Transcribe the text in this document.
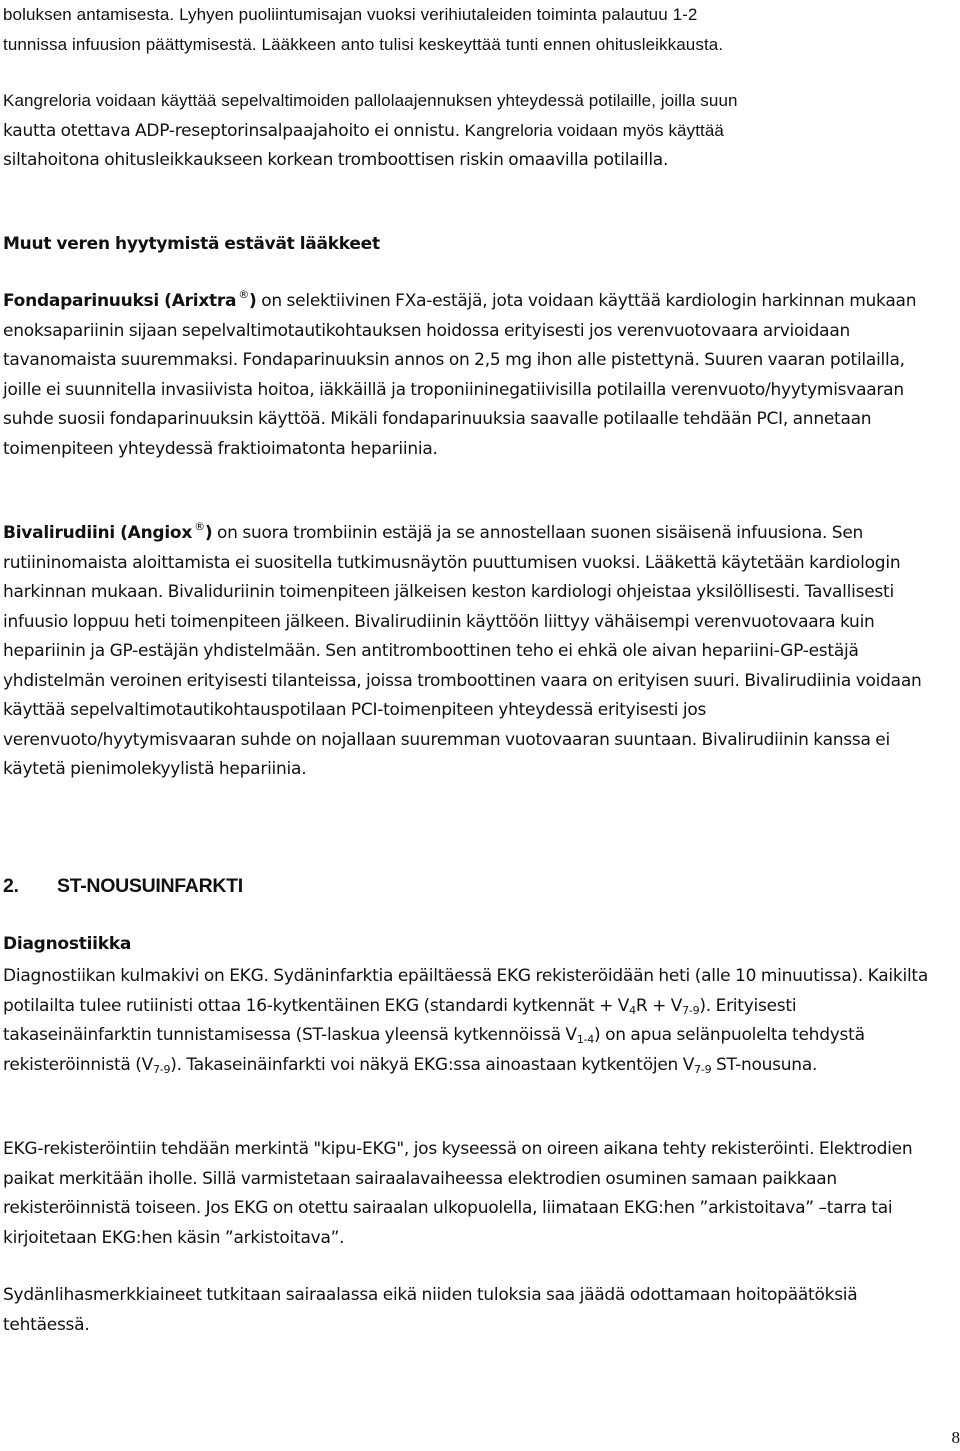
boluksen antamisesta. Lyhyen puoliintumisajan vuoksi verihiutaleiden toiminta palautuu 1-2

tunnissa infuusion päättymisestä. Lääkkeen anto tulisi keskeyttää tunti ennen ohitusleikkausta.

Kangreloria voidaan käyttää sepelvaltimoiden pallolaajennuksen yhteydessä potilaille, joilla suun

kautta otettava ADP-reseptorinsalpaajahoito ei onnistu. Kangreloria voidaan myös käyttää

siltahoitona ohitusleikkaukseen korkean tromboottisen riskin omaavilla potilailla.

Muut veren hyytymistä estävät lääkkeet

Fondaparinuuksi (Arixtra ®) on selektiivinen FXa-estäjä, jota voidaan käyttää kardiologin harkinnan mukaan enoksapariinin sijaan sepelvaltimotautikohtauksen hoidossa erityisesti jos verenvuotovaara arvioidaan tavanomaista suuremmaksi. Fondaparinuuksin annos on 2,5 mg ihon alle pistettynä. Suuren vaaran potilailla, joille ei suunnitella invasiivista hoitoa, iäkkäillä ja troponiininegatiivisilla potilailla verenvuoto/hyytymisvaaran suhde suosii fondaparinuuksin käyttöä. Mikäli fondaparinuuksia saavalle potilaalle tehdään PCI, annetaan toimenpiteen yhteydessä fraktioimatonta hepariinia.

Bivalirudiini (Angiox ®) on suora trombiinin estäjä ja se annostellaan suonen sisäisenä infuusiona. Sen rutiininomaista aloittamista ei suositella tutkimusnäytön puuttumisen vuoksi. Lääkettä käytetään kardiologin harkinnan mukaan. Bivaliduriinin toimenpiteen jälkeisen keston kardiologi ohjeistaa yksilöllisesti. Tavallisesti infuusio loppuu heti toimenpiteen jälkeen. Bivalirudiinin käyttöön liittyy vähäisempi verenvuotovaara kuin hepariinin ja GP-estäjän yhdistelmään. Sen antitromboottinen teho ei ehkä ole aivan hepariini-GP-estäjä yhdistelmän veroinen erityisesti tilanteissa, joissa tromboottinen vaara on erityisen suuri. Bivalirudiinia voidaan käyttää sepelvaltimotautikohtauspotilaan PCI-toimenpiteen yhteydessä erityisesti jos verenvuoto/hyytymisvaaran suhde on nojallaan suuremman vuotovaaran suuntaan. Bivalirudiinin kanssa ei käytetä pienimolekyylistä hepariinia.

2. ST-NOUSUINFARKTI

Diagnostiikka

Diagnostiikan kulmakivi on EKG. Sydäninfarktia epäiltäessä EKG rekisteröidään heti (alle 10 minuutissa). Kaikilta potilailta tulee rutiinisti ottaa 16-kytkentäinen EKG (standardi kytkennät + $V_4R + V_{7-9}$). Erityisesti takaseinäinfarktin tunnistamisessa (ST-laskua yleensä kytkennöissä $V_{1-4}$) on apua selänpuolelta tehdystä rekisteröinnistä $(V_{7-9})$. Takaseinäinfarkti voi näkyä EKG:ssa ainoastaan kytkentöjen $V_{7-9}$ ST-nousuna.

EKG-rekisteröintiin tehdään merkintä "kipu-EKG", jos kyseessä on oireen aikana tehty rekisteröinti. Elektrodien paikat merkitään iholle. Sillä varmistetaan sairaalavaiheessa elektrodien osuminen samaan paikkaan rekisteröinnistä toiseen. Jos EKG on otettu sairaalan ulkopuolella, liimataan EKG:hen ”arkistoitava” –tarra tai kirjoitetaan EKG:hen käsin ”arkistoitava”.

Sydänlihasmerkkiaineet tutkitaan sairaalassa eikä niiden tuloksia saa jäädä odottamaan hoitopäätöksiä tehtäessä.

8
